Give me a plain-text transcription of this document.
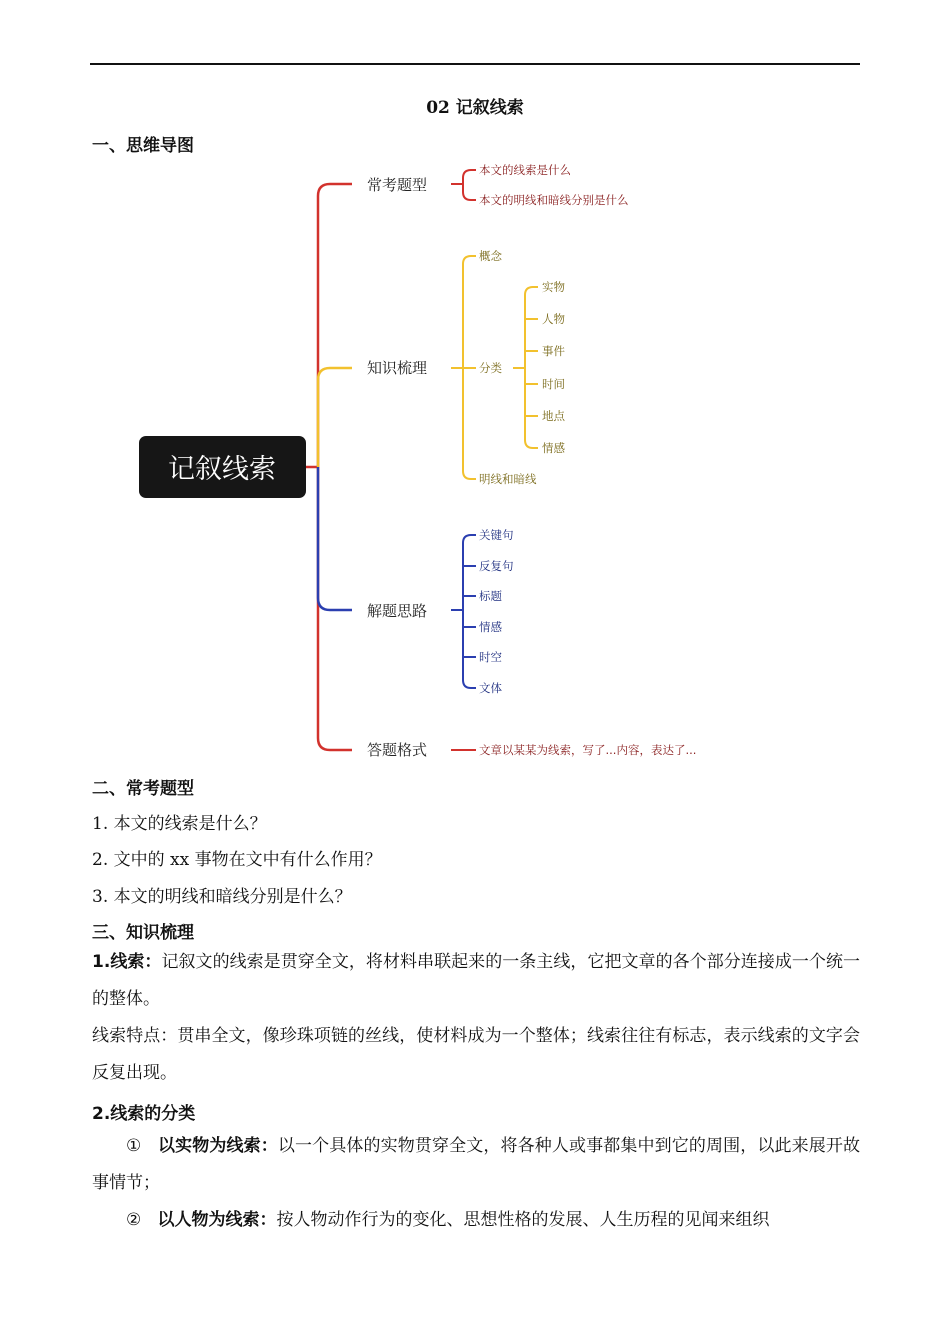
02 记叙线索
一、思维导图
记叙线索
常考题型
知识梳理
解题思路
答题格式
本文的线索是什么
本文的明线和暗线分别是什么
概念
分类
明线和暗线
实物
人物
事件
时间
地点
情感
关键句
反复句
标题
情感
时空
文体
文章以某某为线索，写了...内容，表达了...
二、常考题型
1. 本文的线索是什么？
2. 文中的 xx 事物在文中有什么作用？
3. 本文的明线和暗线分别是什么？
三、知识梳理
1.线索：记叙文的线索是贯穿全文，将材料串联起来的一条主线，它把文章的各个部分连接成一个统一的整体。
线索特点：贯串全文，像珍珠项链的丝线，使材料成为一个整体；线索往往有标志，表示线索的文字会反复出现。
2.线索的分类
① 以实物为线索：以一个具体的实物贯穿全文，将各种人或事都集中到它的周围，以此来展开故事情节；
② 以人物为线索：按人物动作行为的变化、思想性格的发展、人生历程的见闻来组织
